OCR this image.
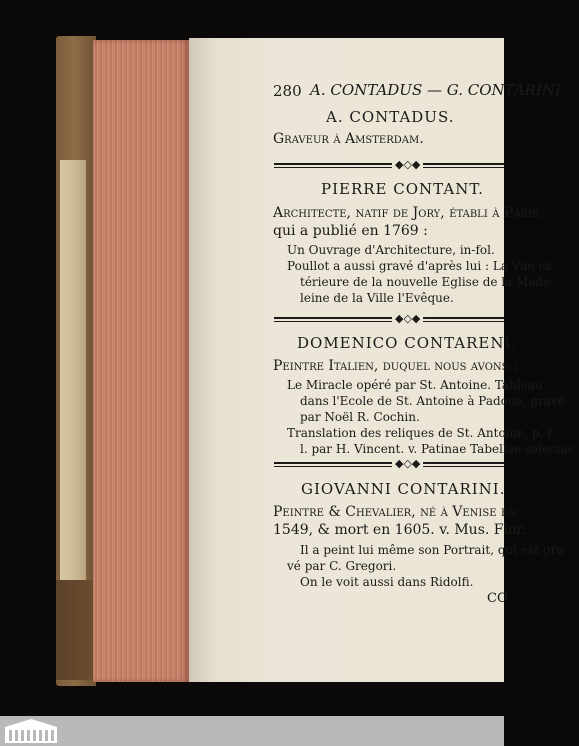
280 A. CONTADUS — G. CONTARINI
A. CONTADUS.
Graveur à Amsterdam.
◆◇◆
PIERRE CONTANT.
Architecte, natif de Jory, établi à Paris,
qui a publié en 1769 :
Un Ouvrage d'Architecture, in-fol.
Poullot a aussi gravé d'après lui : La Vue ex-
térieure de la nouvelle Eglise de la Made-
leine de la Ville l'Evêque.
◆◇◆
DOMENICO CONTARENI.
Peintre Italien, duquel nous avons :
Le Miracle opéré par St. Antoine. Tableau
dans l'Ecole de St. Antoine à Padoue, gravé
par Noël R. Cochin.
Translation des reliques de St. Antoine, p. f.
l. par H. Vincent. v. Patinae Tabellae selectae.
◆◇◆
GIOVANNI CONTARINI.
Peintre & Chevalier, né à Venise en
1549, & mort en 1605. v. Mus. Flor.
Il a peint lui même son Portrait, qui est gra-
vé par C. Gregori.
On le voit aussi dans Ridolfi.
CO
